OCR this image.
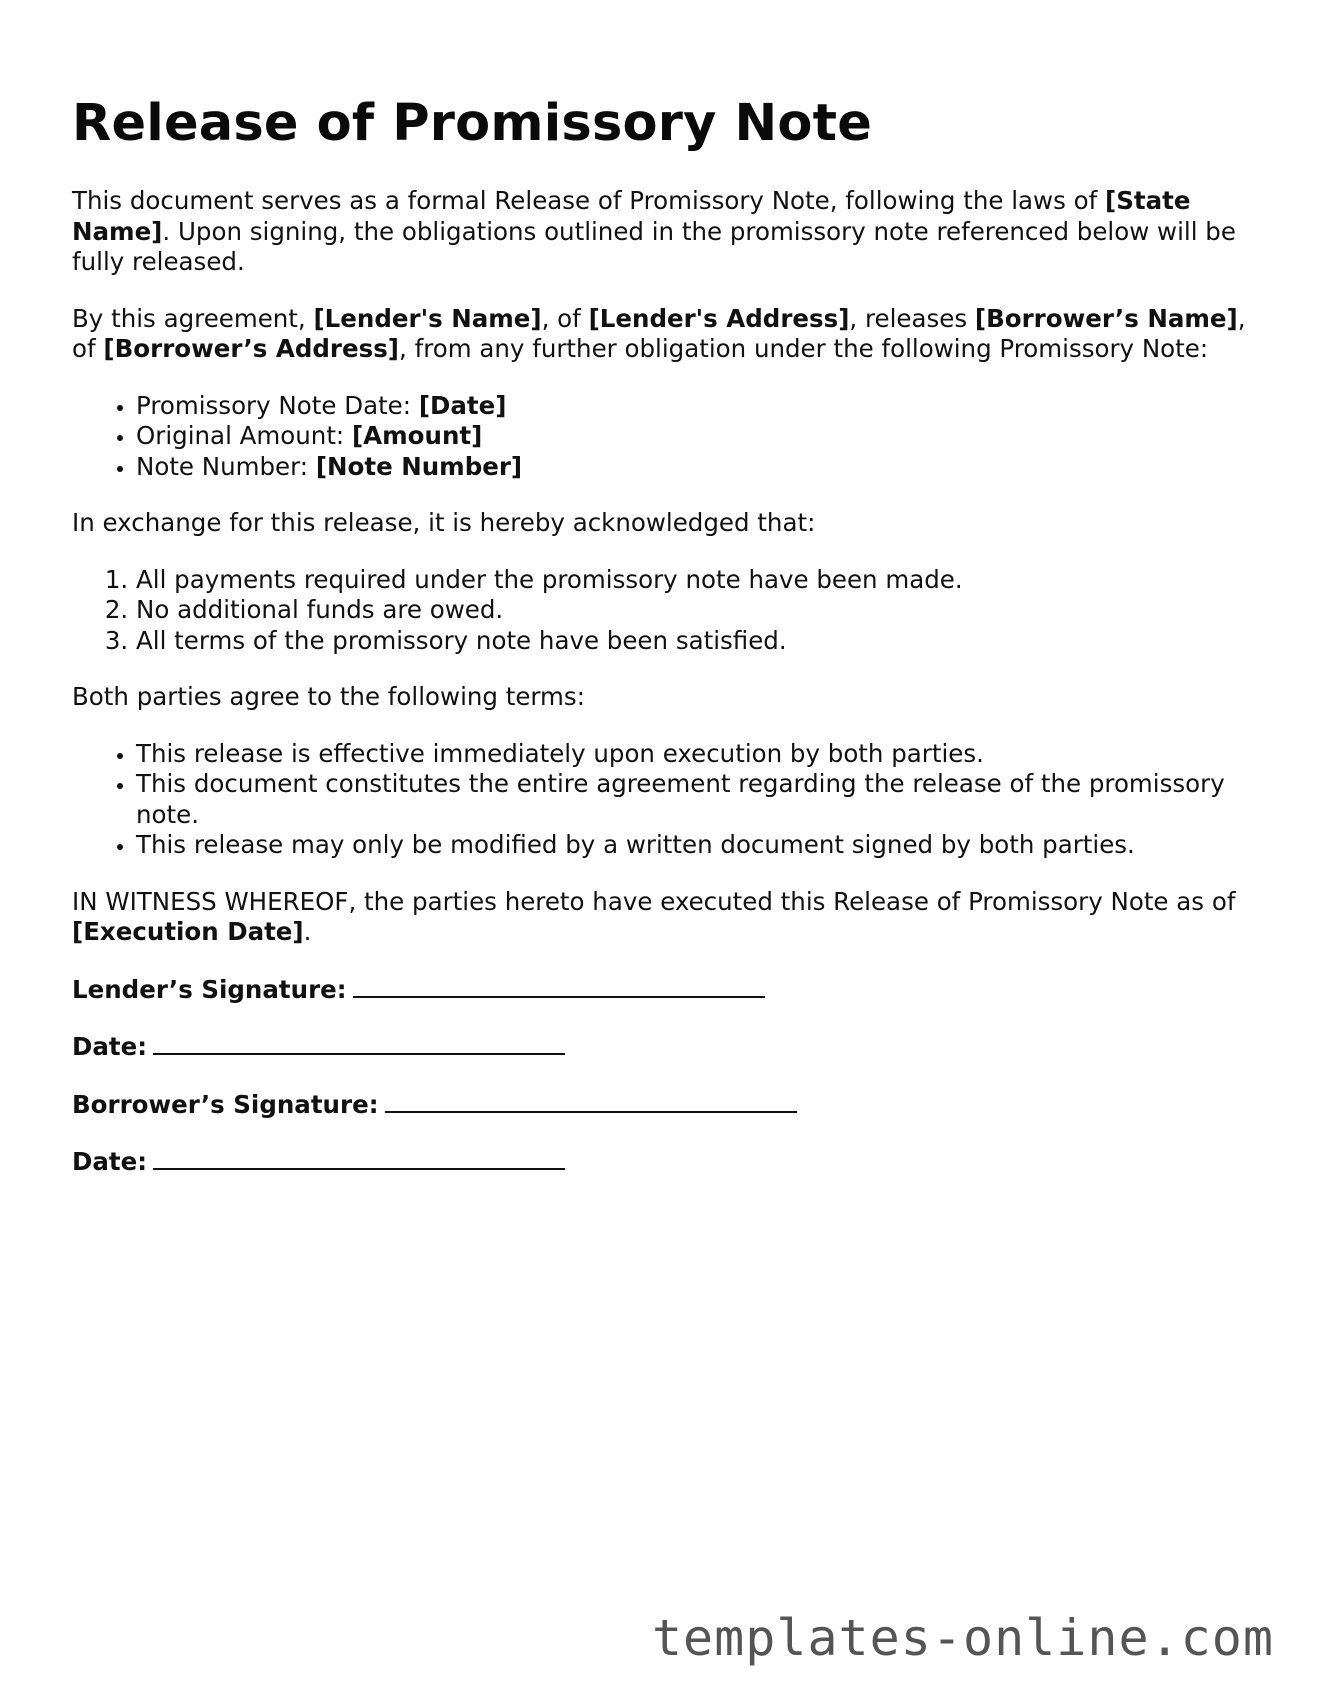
Release of Promissory Note

This document serves as a formal Release of Promissory Note, following the laws of [State Name]. Upon signing, the obligations outlined in the promissory note referenced below will be fully released.

By this agreement, [Lender's Name], of [Lender's Address], releases [Borrower’s Name], of [Borrower’s Address], from any further obligation under the following Promissory Note:

• Promissory Note Date: [Date]
• Original Amount: [Amount]
• Note Number: [Note Number]

In exchange for this release, it is hereby acknowledged that:

1. All payments required under the promissory note have been made.
2. No additional funds are owed.
3. All terms of the promissory note have been satisfied.

Both parties agree to the following terms:

• This release is effective immediately upon execution by both parties.
• This document constitutes the entire agreement regarding the release of the promissory note.
• This release may only be modified by a written document signed by both parties.

IN WITNESS WHEREOF, the parties hereto have executed this Release of Promissory Note as of [Execution Date].

Lender’s Signature:
Date:
Borrower’s Signature:
Date:
templates-online.com
